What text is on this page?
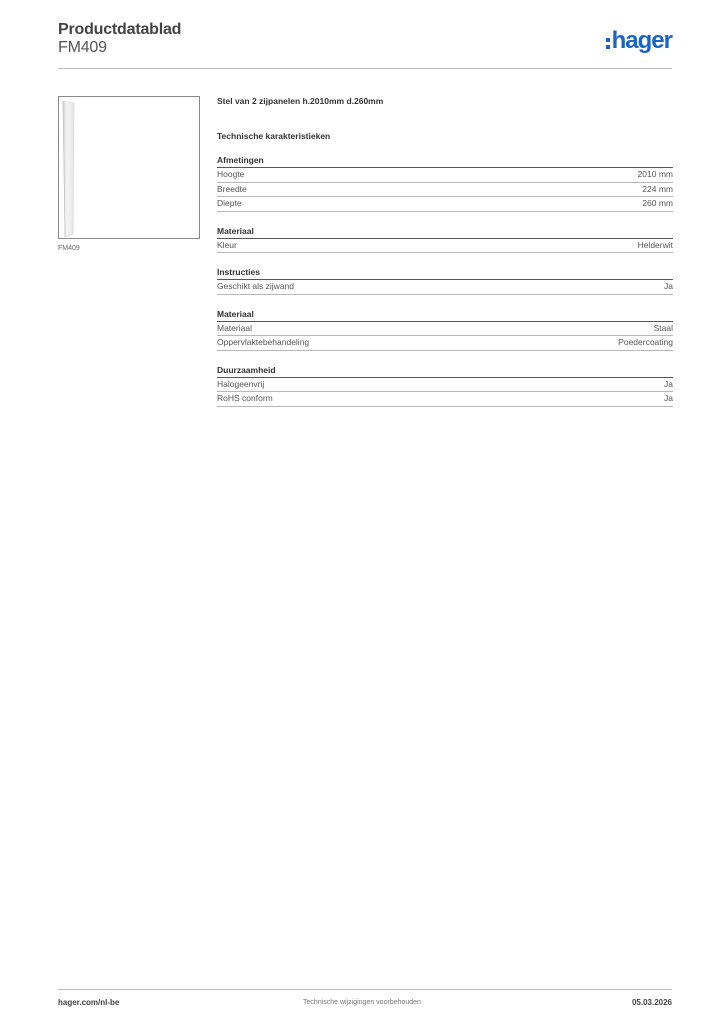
Productdatablad
FM409	hager
FM409
Stel van 2 zijpanelen h.2010mm d.260mm
Technische karakteristieken
Afmetingen
Hoogte	2010 mm
Breedte	224 mm
Diepte	260 mm
Materiaal
Kleur	Helderwit
Instructies
Geschikt als zijwand	Ja
Materiaal
Materiaal	Staal
Oppervlaktebehandeling	Poedercoating
Duurzaamheid
Halogeenvrij	Ja
RoHS conform	Ja
hager.com/nl-be	Technische wijzigingen voorbehouden	05.03.2026
